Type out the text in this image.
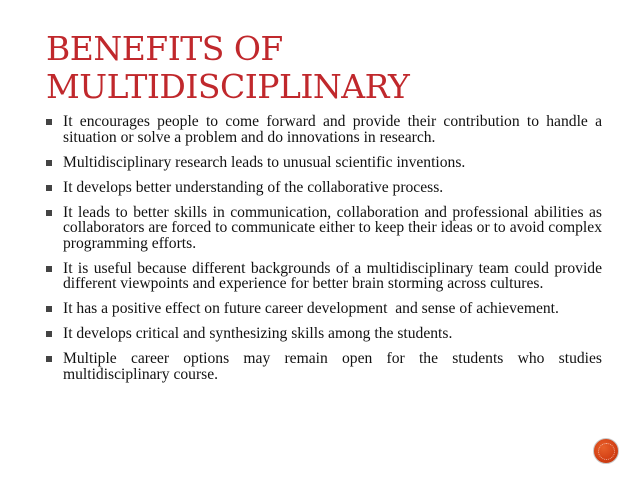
BENEFITS OF
MULTIDISCIPLINARY
It encourages people to come forward and provide their contribution to handle a situation or solve a problem and do innovations in research.
Multidisciplinary research leads to unusual scientific inventions.
It develops better understanding of the collaborative process.
It leads to better skills in communication, collaboration and professional abilities as collaborators are forced to communicate either to keep their ideas or to avoid complex programming efforts.
It is useful because different backgrounds of a multidisciplinary team could provide different viewpoints and experience for better brain storming across cultures.
It has a positive effect on future career development  and sense of achievement.
It develops critical and synthesizing skills among the students.
Multiple career options may remain open for the students who studies multidisciplinary course.
